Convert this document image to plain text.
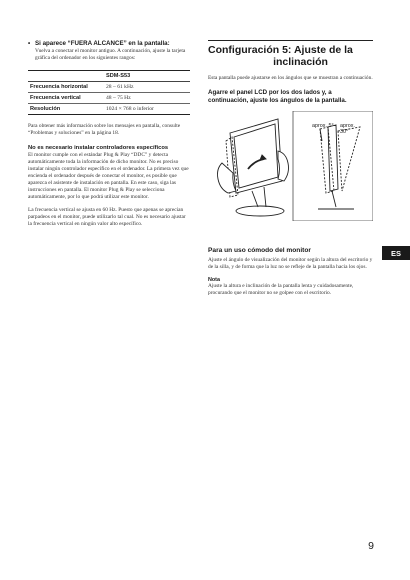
• Si aparece “FUERA ALCANCE” en la pantalla:
Vuelva a conectar el monitor antiguo. A continuación, ajuste la tarjeta gráfica del ordenador en los siguientes rangos:
	SDM-S53
Frecuencia horizontal	28 – 61 kHz
Frecuencia vertical	48 – 75 Hz
Resolución	1024 × 768 o inferior
Para obtener más información sobre los mensajes en pantalla, consulte “Problemas y soluciones” en la página 18.
No es necesario instalar controladores específicos
El monitor cumple con el estándar Plug & Play “DDC” y detecta automáticamente toda la información de dicho monitor. No es preciso instalar ningún controlador específico en el ordenador. La primera vez que encienda el ordenador después de conectar el monitor, es posible que aparezca el asistente de instalación en pantalla. En este caso, siga las instrucciones en pantalla. El monitor Plug & Play se selecciona automáticamente, por lo que podrá utilizar este monitor.
La frecuencia vertical se ajusta en 60 Hz. Puesto que apenas se aprecian parpadeos en el monitor, puede utilizarlo tal cual. No es necesario ajustar la frecuencia vertical en ningún valor alto específico.
Configuración 5: Ajuste de la
inclinación
Esta pantalla puede ajustarse en los ángulos que se muestran a continuación.
Agarre el panel LCD por los dos lados y, a continuación, ajuste los ángulos de la pantalla.
aprox. 5° aprox. 30°
Para un uso cómodo del monitor
Ajuste el ángulo de visualización del monitor según la altura del escritorio y de la silla, y de forma que la luz no se refleje de la pantalla hacia los ojos.
Nota
Ajuste la altura e inclinación de la pantalla lenta y cuidadosamente, procurando que el monitor no se golpee con el escritorio.
ES
9
